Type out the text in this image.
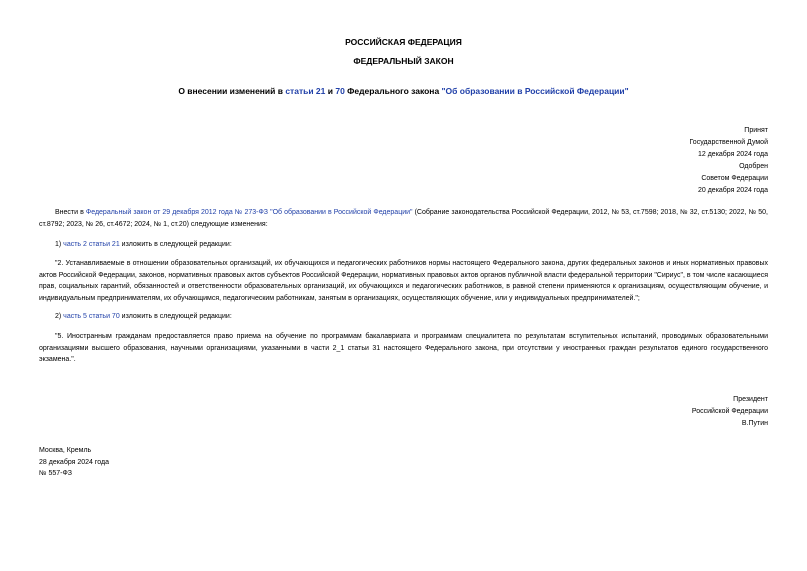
РОССИЙСКАЯ ФЕДЕРАЦИЯ
ФЕДЕРАЛЬНЫЙ ЗАКОН
О внесении изменений в статьи 21 и 70 Федерального закона "Об образовании в Российской Федерации"
Принят
Государственной Думой
12 декабря 2024 года
Одобрен
Советом Федерации
20 декабря 2024 года
Внести в Федеральный закон от 29 декабря 2012 года № 273-ФЗ "Об образовании в Российской Федерации" (Собрание законодательства Российской Федерации, 2012, № 53, ст.7598; 2018, № 32, ст.5130; 2022, № 50, ст.8792; 2023, № 26, ст.4672; 2024, № 1, ст.20) следующие изменения:
1) часть 2 статьи 21 изложить в следующей редакции:
"2. Устанавливаемые в отношении образовательных организаций, их обучающихся и педагогических работников нормы настоящего Федерального закона, других федеральных законов и иных нормативных правовых актов Российской Федерации, законов, нормативных правовых актов субъектов Российской Федерации, нормативных правовых актов органов публичной власти федеральной территории "Сириус", в том числе касающиеся прав, социальных гарантий, обязанностей и ответственности образовательных организаций, их обучающихся и педагогических работников, в равной степени применяются к организациям, осуществляющим обучение, и индивидуальным предпринимателям, их обучающимся, педагогическим работникам, занятым в организациях, осуществляющих обучение, или у индивидуальных предпринимателей.";
2) часть 5 статьи 70 изложить в следующей редакции:
"5. Иностранным гражданам предоставляется право приема на обучение по программам бакалавриата и программам специалитета по результатам вступительных испытаний, проводимых образовательными организациями высшего образования, научными организациями, указанными в части 2_1 статьи 31 настоящего Федерального закона, при отсутствии у иностранных граждан результатов единого государственного экзамена.".
Президент
Российской Федерации
В.Путин
Москва, Кремль
28 декабря 2024 года
№ 557-ФЗ
